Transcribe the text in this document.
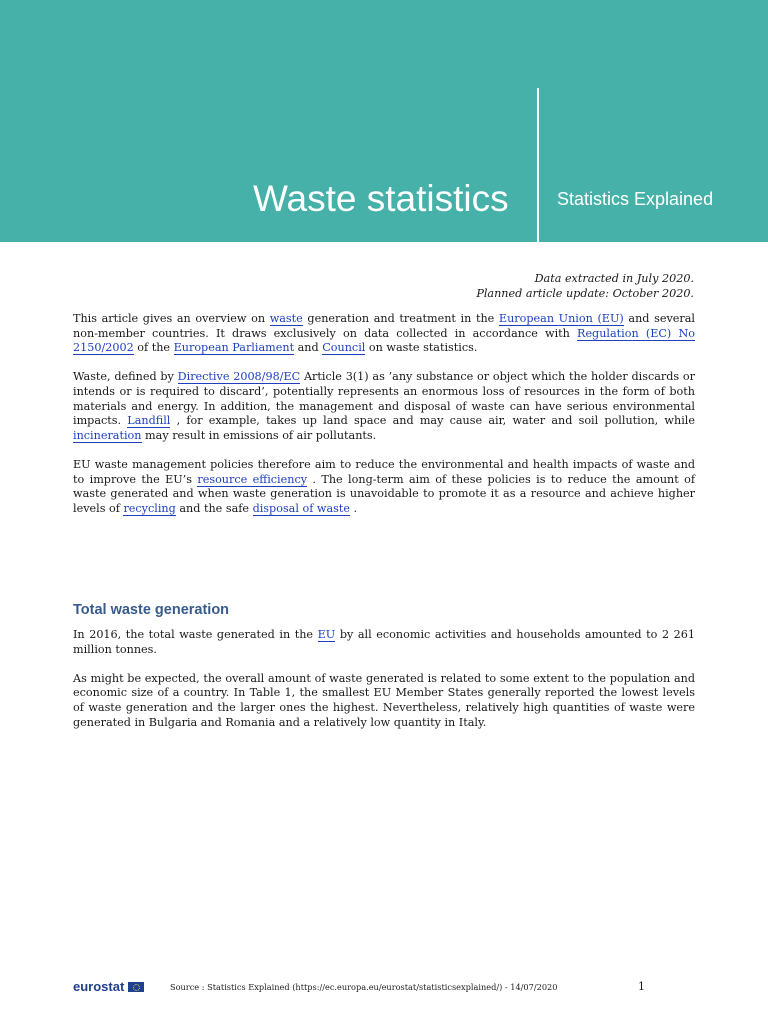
Waste statistics	Statistics Explained
Data extracted in July 2020.
Planned article update: October 2020.

This article gives an overview on waste generation and treatment in the European Union (EU) and several non-member countries. It draws exclusively on data collected in accordance with Regulation (EC) No 2150/2002 of the European Parliament and Council on waste statistics.

Waste, defined by Directive 2008/98/EC Article 3(1) as ’any substance or object which the holder discards or intends or is required to discard’, potentially represents an enormous loss of resources in the form of both materials and energy. In addition, the management and disposal of waste can have serious environmental impacts. Landfill , for example, takes up land space and may cause air, water and soil pollution, while incineration may result in emissions of air pollutants.

EU waste management policies therefore aim to reduce the environmental and health impacts of waste and to improve the EU’s resource efficiency . The long-term aim of these policies is to reduce the amount of waste generated and when waste generation is unavoidable to promote it as a resource and achieve higher levels of recycling and the safe disposal of waste .

Total waste generation

In 2016, the total waste generated in the EU by all economic activities and households amounted to 2 261 million tonnes.

As might be expected, the overall amount of waste generated is related to some extent to the population and economic size of a country. In Table 1, the smallest EU Member States generally reported the lowest levels of waste generation and the larger ones the highest. Nevertheless, relatively high quantities of waste were generated in Bulgaria and Romania and a relatively low quantity in Italy.

eurostat	Source : Statistics Explained (https://ec.europa.eu/eurostat/statisticsexplained/) - 14/07/2020	1
